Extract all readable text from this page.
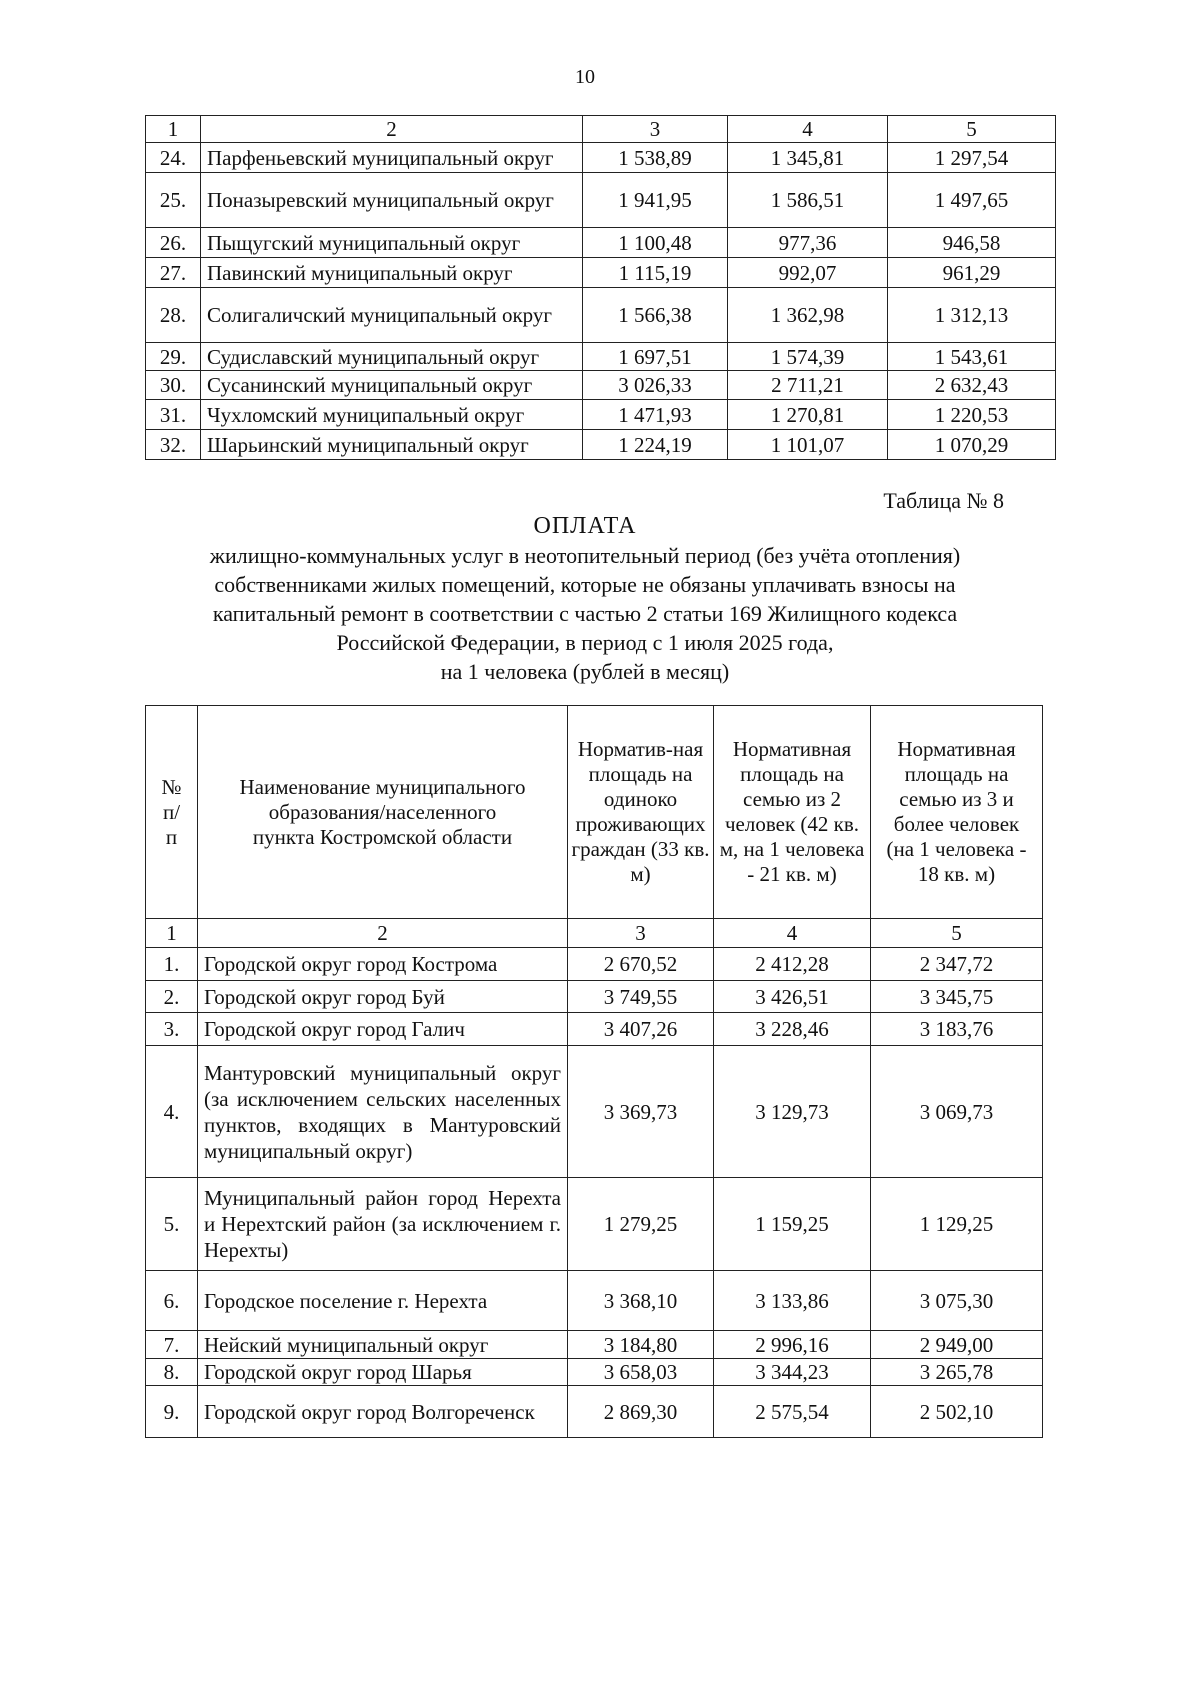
10
1	2	3	4	5
24.	Парфеньевский муниципальный округ	1 538,89	1 345,81	1 297,54
25.	Поназыревский муниципальный округ	1 941,95	1 586,51	1 497,65
26.	Пыщугский муниципальный округ	1 100,48	977,36	946,58
27.	Павинский муниципальный округ	1 115,19	992,07	961,29
28.	Солигаличский муниципальный округ	1 566,38	1 362,98	1 312,13
29.	Судиславский муниципальный округ	1 697,51	1 574,39	1 543,61
30.	Сусанинский муниципальный округ	3 026,33	2 711,21	2 632,43
31.	Чухломский муниципальный округ	1 471,93	1 270,81	1 220,53
32.	Шарьинский муниципальный округ	1 224,19	1 101,07	1 070,29
Таблица № 8
ОПЛАТА
жилищно-коммунальных услуг в неотопительный период (без учёта отопления)
собственниками жилых помещений, которые не обязаны уплачивать взносы на
капитальный ремонт в соответствии с частью 2 статьи 169 Жилищного кодекса
Российской Федерации, в период с 1 июля 2025 года,
на 1 человека (рублей в месяц)
№ п/п	Наименование муниципального образования/населенного пункта Костромской области	Норматив-ная площадь на одиноко проживающих граждан (33 кв. м)	Нормативная площадь на семью из 2 человек (42 кв. м, на 1 человека - 21 кв. м)	Нормативная площадь на семью из 3 и более человек (на 1 человека - 18 кв. м)
1	2	3	4	5
1.	Городской округ город Кострома	2 670,52	2 412,28	2 347,72
2.	Городской округ город Буй	3 749,55	3 426,51	3 345,75
3.	Городской округ город Галич	3 407,26	3 228,46	3 183,76
4.	Мантуровский муниципальный округ (за исключением сельских населенных пунктов, входящих в Мантуровский муниципальный округ)	3 369,73	3 129,73	3 069,73
5.	Муниципальный район город Нерехта и Нерехтский район (за исключением г. Нерехты)	1 279,25	1 159,25	1 129,25
6.	Городское поселение г. Нерехта	3 368,10	3 133,86	3 075,30
7.	Нейский муниципальный округ	3 184,80	2 996,16	2 949,00
8.	Городской округ город Шарья	3 658,03	3 344,23	3 265,78
9.	Городской округ город Волгореченск	2 869,30	2 575,54	2 502,10
